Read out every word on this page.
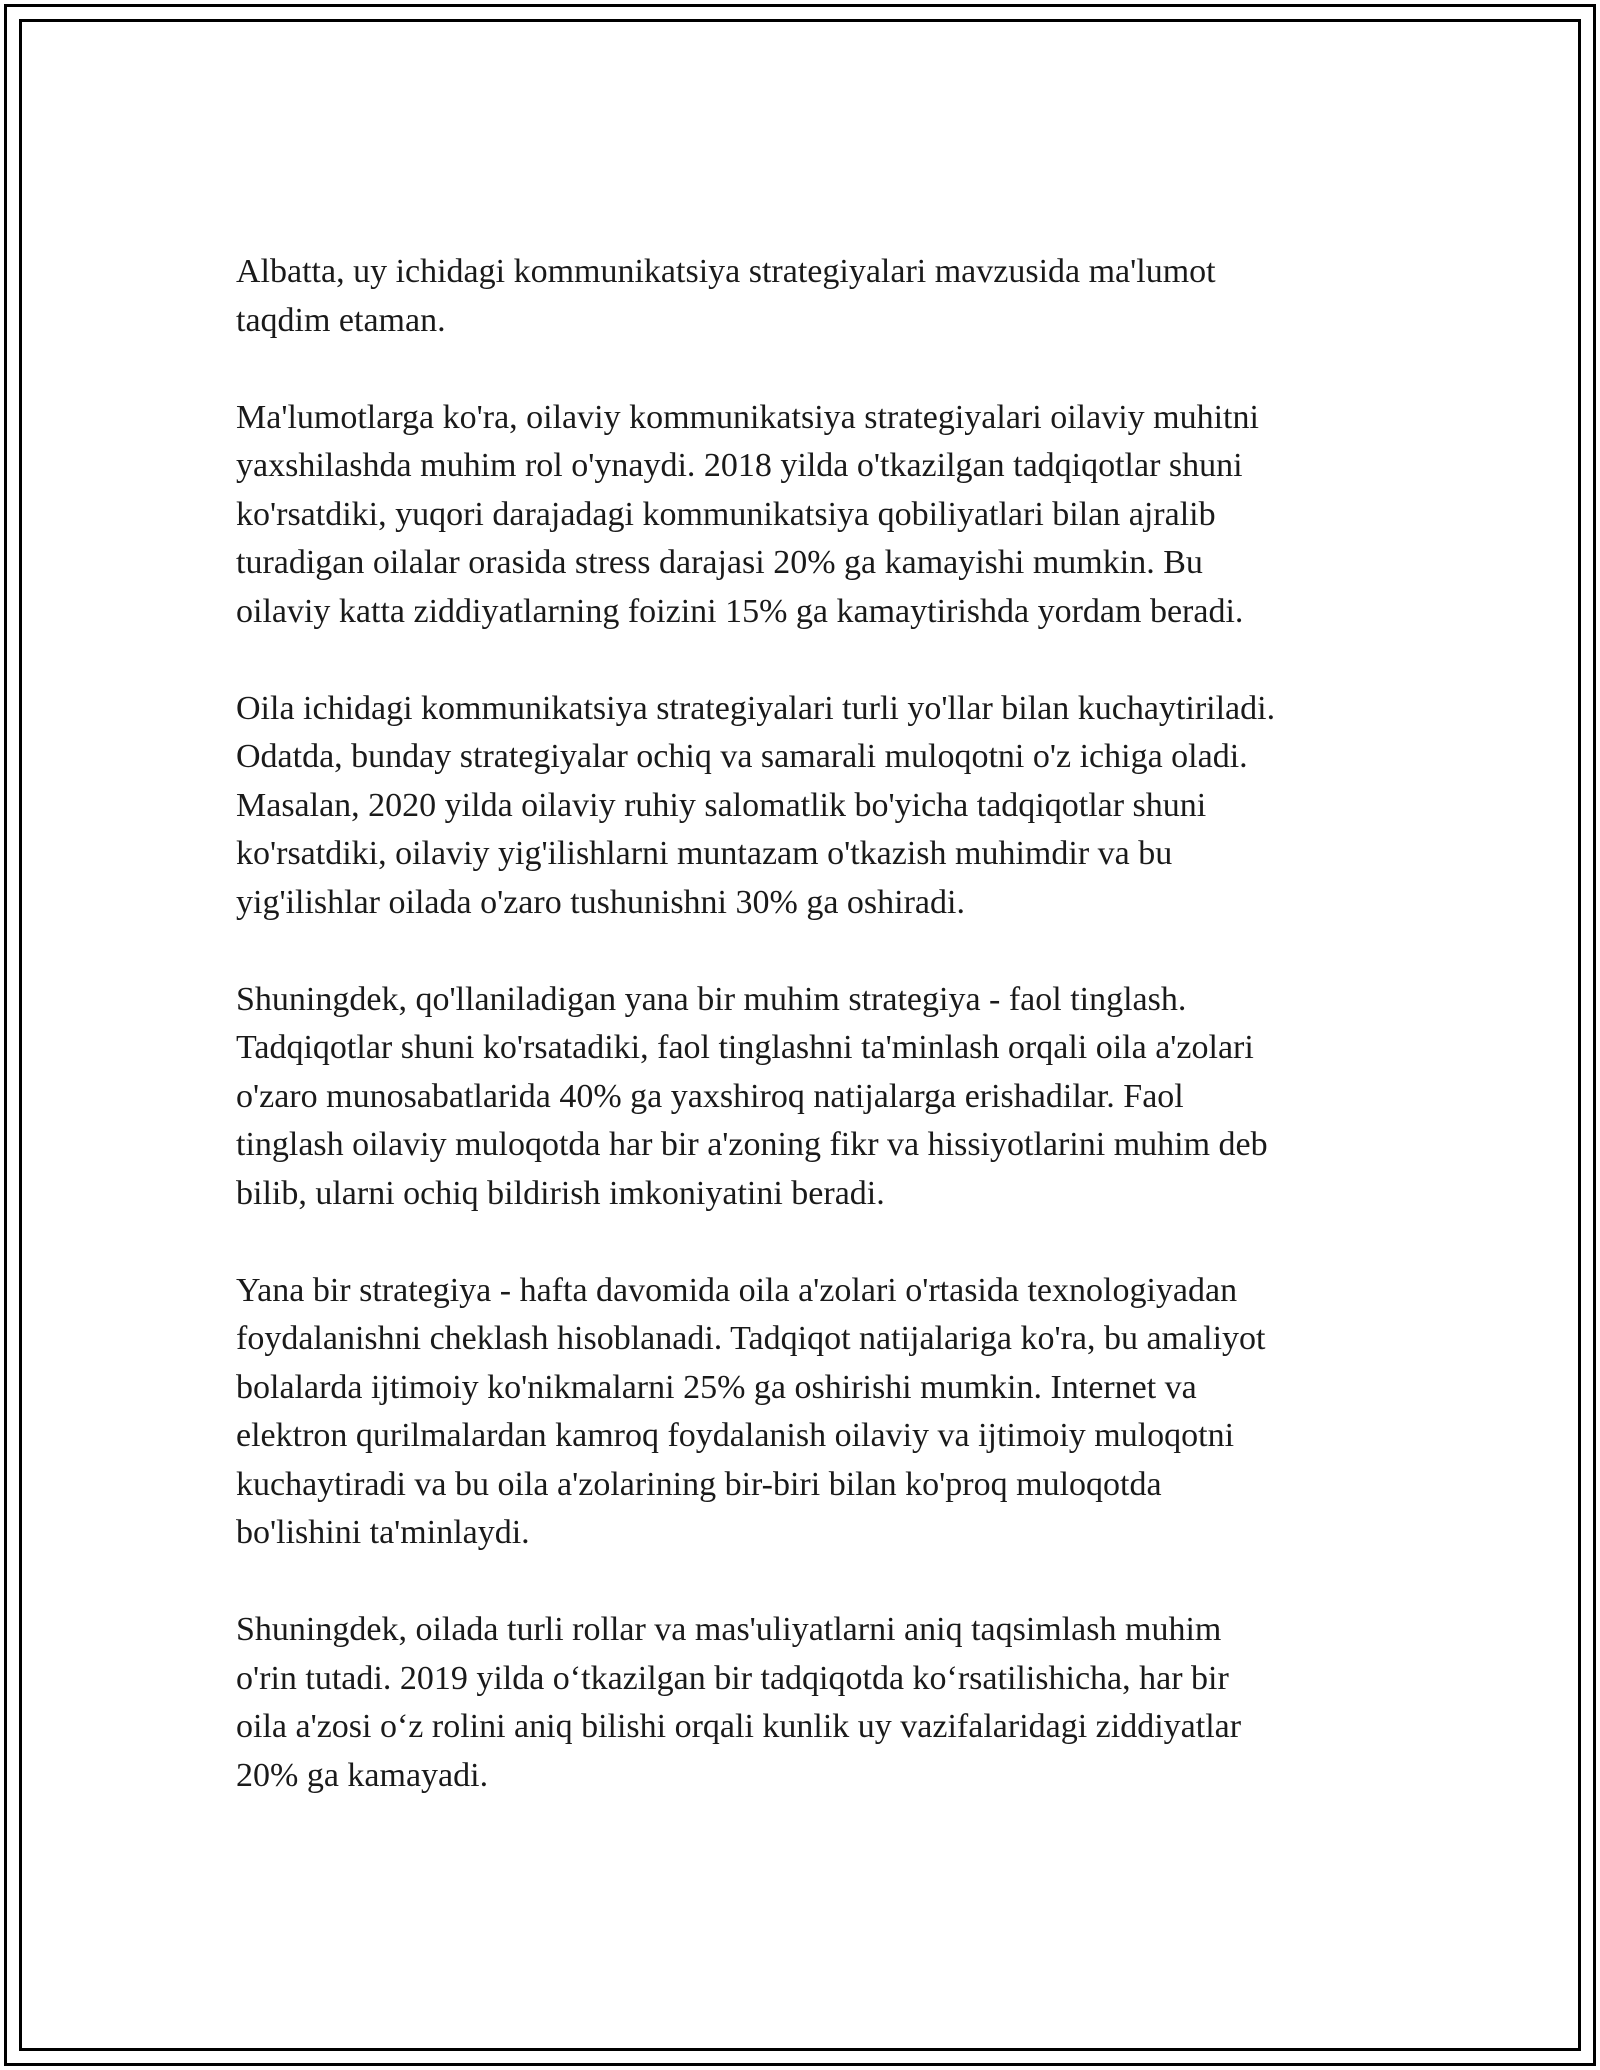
Albatta, uy ichidagi kommunikatsiya strategiyalari mavzusida ma'lumot
taqdim etaman.

Ma'lumotlarga ko'ra, oilaviy kommunikatsiya strategiyalari oilaviy muhitni
yaxshilashda muhim rol o'ynaydi. 2018 yilda o'tkazilgan tadqiqotlar shuni
ko'rsatdiki, yuqori darajadagi kommunikatsiya qobiliyatlari bilan ajralib
turadigan oilalar orasida stress darajasi 20% ga kamayishi mumkin. Bu
oilaviy katta ziddiyatlarning foizini 15% ga kamaytirishda yordam beradi.

Oila ichidagi kommunikatsiya strategiyalari turli yo'llar bilan kuchaytiriladi.
Odatda, bunday strategiyalar ochiq va samarali muloqotni o'z ichiga oladi.
Masalan, 2020 yilda oilaviy ruhiy salomatlik bo'yicha tadqiqotlar shuni
ko'rsatdiki, oilaviy yig'ilishlarni muntazam o'tkazish muhimdir va bu
yig'ilishlar oilada o'zaro tushunishni 30% ga oshiradi.

Shuningdek, qo'llaniladigan yana bir muhim strategiya - faol tinglash.
Tadqiqotlar shuni ko'rsatadiki, faol tinglashni ta'minlash orqali oila a'zolari
o'zaro munosabatlarida 40% ga yaxshiroq natijalarga erishadilar. Faol
tinglash oilaviy muloqotda har bir a'zoning fikr va hissiyotlarini muhim deb
bilib, ularni ochiq bildirish imkoniyatini beradi.

Yana bir strategiya - hafta davomida oila a'zolari o'rtasida texnologiyadan
foydalanishni cheklash hisoblanadi. Tadqiqot natijalariga ko'ra, bu amaliyot
bolalarda ijtimoiy ko'nikmalarni 25% ga oshirishi mumkin. Internet va
elektron qurilmalardan kamroq foydalanish oilaviy va ijtimoiy muloqotni
kuchaytiradi va bu oila a'zolarining bir-biri bilan ko'proq muloqotda
bo'lishini ta'minlaydi.

Shuningdek, oilada turli rollar va mas'uliyatlarni aniq taqsimlash muhim
o'rin tutadi. 2019 yilda o‘tkazilgan bir tadqiqotda ko‘rsatilishicha, har bir
oila a'zosi o‘z rolini aniq bilishi orqali kunlik uy vazifalaridagi ziddiyatlar
20% ga kamayadi.
